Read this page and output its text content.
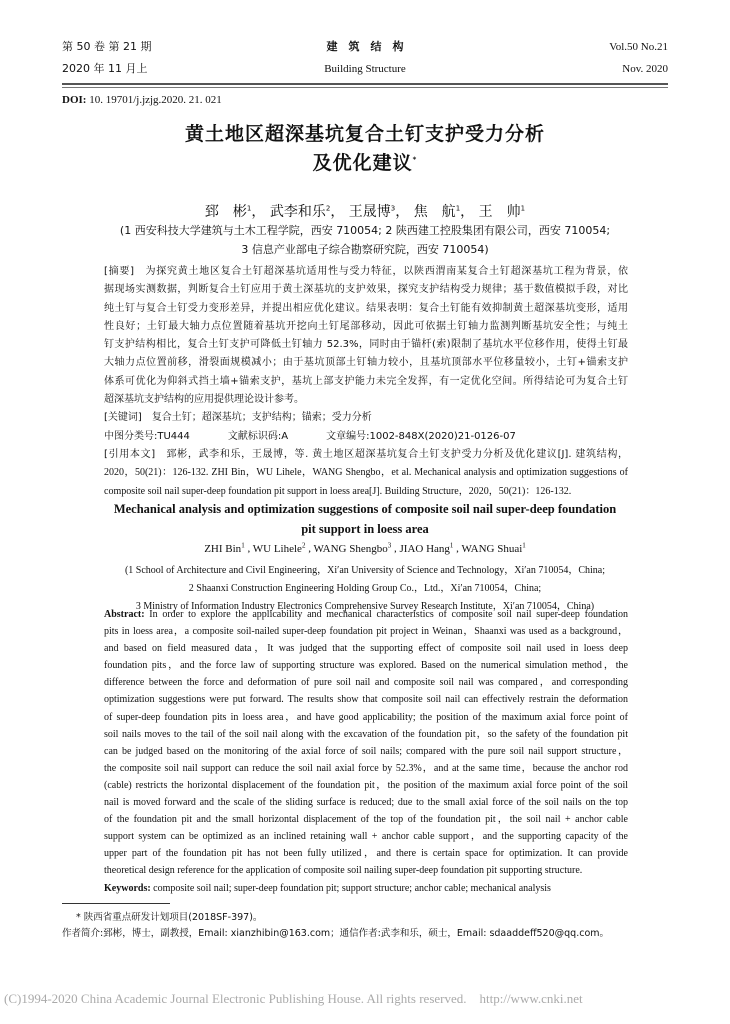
第 50 卷 第 21 期
2020 年 11 月上
建　筑　结　构
Building Structure
Vol.50 No.21
Nov. 2020
DOI: 10. 19701/j.jzjg.2020. 21. 021
黄土地区超深基坑复合土钉支护受力分析
及优化建议*
郅　彬$^1$， 武李和乐$^2$， 王晟博$^3$， 焦　航$^1$， 王　帅$^1$
(1 西安科技大学建筑与土木工程学院，西安 710054; 2 陕西建工控股集团有限公司，西安 710054;
3 信息产业部电子综合勘察研究院，西安 710054)
[摘要]　 为探究黄土地区复合土钉超深基坑适用性与受力特征，以陕西渭南某复合土钉超深基坑工程为背景，依
据现场实测数据，判断复合土钉应用于黄土深基坑的支护效果，探究支护结构受力规律；基于数值模拟手段，对比
纯土钉与复合土钉受力变形差异，并提出相应优化建议。结果表明：复合土钉能有效抑制黄土超深基坑变形，适用
性良好；土钉最大轴力点位置随着基坑开挖向土钉尾部移动，因此可依据土钉轴力监测判断基坑安全性；与纯土
钉支护结构相比，复合土钉支护可降低土钉轴力 52.3%，同时由于锚杆(索)限制了基坑水平位移作用，使得土钉最
大轴力点位置前移，滑裂面规模减小；由于基坑顶部土钉轴力较小，且基坑顶部水平位移量较小，土钉+锚索支护
体系可优化为仰斜式挡土墙+锚索支护，基坑上部支护能力未完全发挥，有一定优化空间。所得结论可为复合土钉
超深基坑支护结构的应用提供理论设计参考。
[关键词]　 复合土钉；超深基坑；支护结构；锚索；受力分析
中图分类号:TU444	文献标识码:A	文章编号:1002-848X(2020)21-0126-07
[引用本文]　 郅彬，武李和乐，王晟博，等. 黄土地区超深基坑复合土钉支护受力分析及优化建议[J]. 建筑结构，
2020，50(21)：126-132. ZHI Bin，WU Lihele，WANG Shengbo，et al. Mechanical analysis and optimization suggestions of
composite soil nail super-deep foundation pit support in loess area[J]. Building Structure，2020，50(21)：126-132.
Mechanical analysis and optimization suggestions of composite soil nail super-deep foundation
pit support in loess area
ZHI Bin$^1$ , WU Lihele$^2$ , WANG Shengbo$^3$ , JIAO Hang$^1$ , WANG Shuai$^1$
(1 School of Architecture and Civil Engineering，Xi′an University of Science and Technology，Xi′an 710054，China;
2 Shaanxi Construction Engineering Holding Group Co.，Ltd.，Xi′an 710054，China;
3 Ministry of Information Industry Electronics Comprehensive Survey Research Institute，Xi′an 710054，China)
Abstract: In order to explore the applicability and mechanical characteristics of composite soil nail super-deep foundation
pits in loess area，a composite soil-nailed super-deep foundation pit project in Weinan，Shaanxi was used as a background，
and based on field measured data，It was judged that the supporting effect of composite soil nail used in loess deep
foundation pits，and the force law of supporting structure was explored. Based on the numerical simulation method，the
difference between the force and deformation of pure soil nail and composite soil nail was compared，and corresponding
optimization suggestions were put forward. The results show that composite soil nail can effectively restrain the deformation
of super-deep foundation pits in loess area，and have good applicability; the position of the maximum axial force point of
soil nails moves to the tail of the soil nail along with the excavation of the foundation pit，so the safety of the foundation pit
can be judged based on the monitoring of the axial force of soil nails; compared with the pure soil nail support structure，
the composite soil nail support can reduce the soil nail axial force by 52.3%，and at the same time，because the anchor rod
(cable) restricts the horizontal displacement of the foundation pit，the position of the maximum axial force point of the soil
nail is moved forward and the scale of the sliding surface is reduced; due to the small axial force of the soil nails on the top
of the foundation pit and the small horizontal displacement of the top of the foundation pit，the soil nail + anchor cable
support system can be optimized as an inclined retaining wall + anchor cable support，and the supporting capacity of the
upper part of the foundation pit has not been fully utilized，and there is certain space for optimization. It can provide
theoretical design reference for the application of composite soil nailing super-deep foundation pit supporting structure.
Keywords: composite soil nail; super-deep foundation pit; support structure; anchor cable; mechanical analysis
* 陕西省重点研发计划项目(2018SF-397)。
作者简介:郅彬，博士，副教授，Email: xianzhibin@163.com；通信作者:武李和乐，硕士，Email: sdaaddeff520@qq.com。
(C)1994-2020 China Academic Journal Electronic Publishing House. All rights reserved.　http://www.cnki.net
